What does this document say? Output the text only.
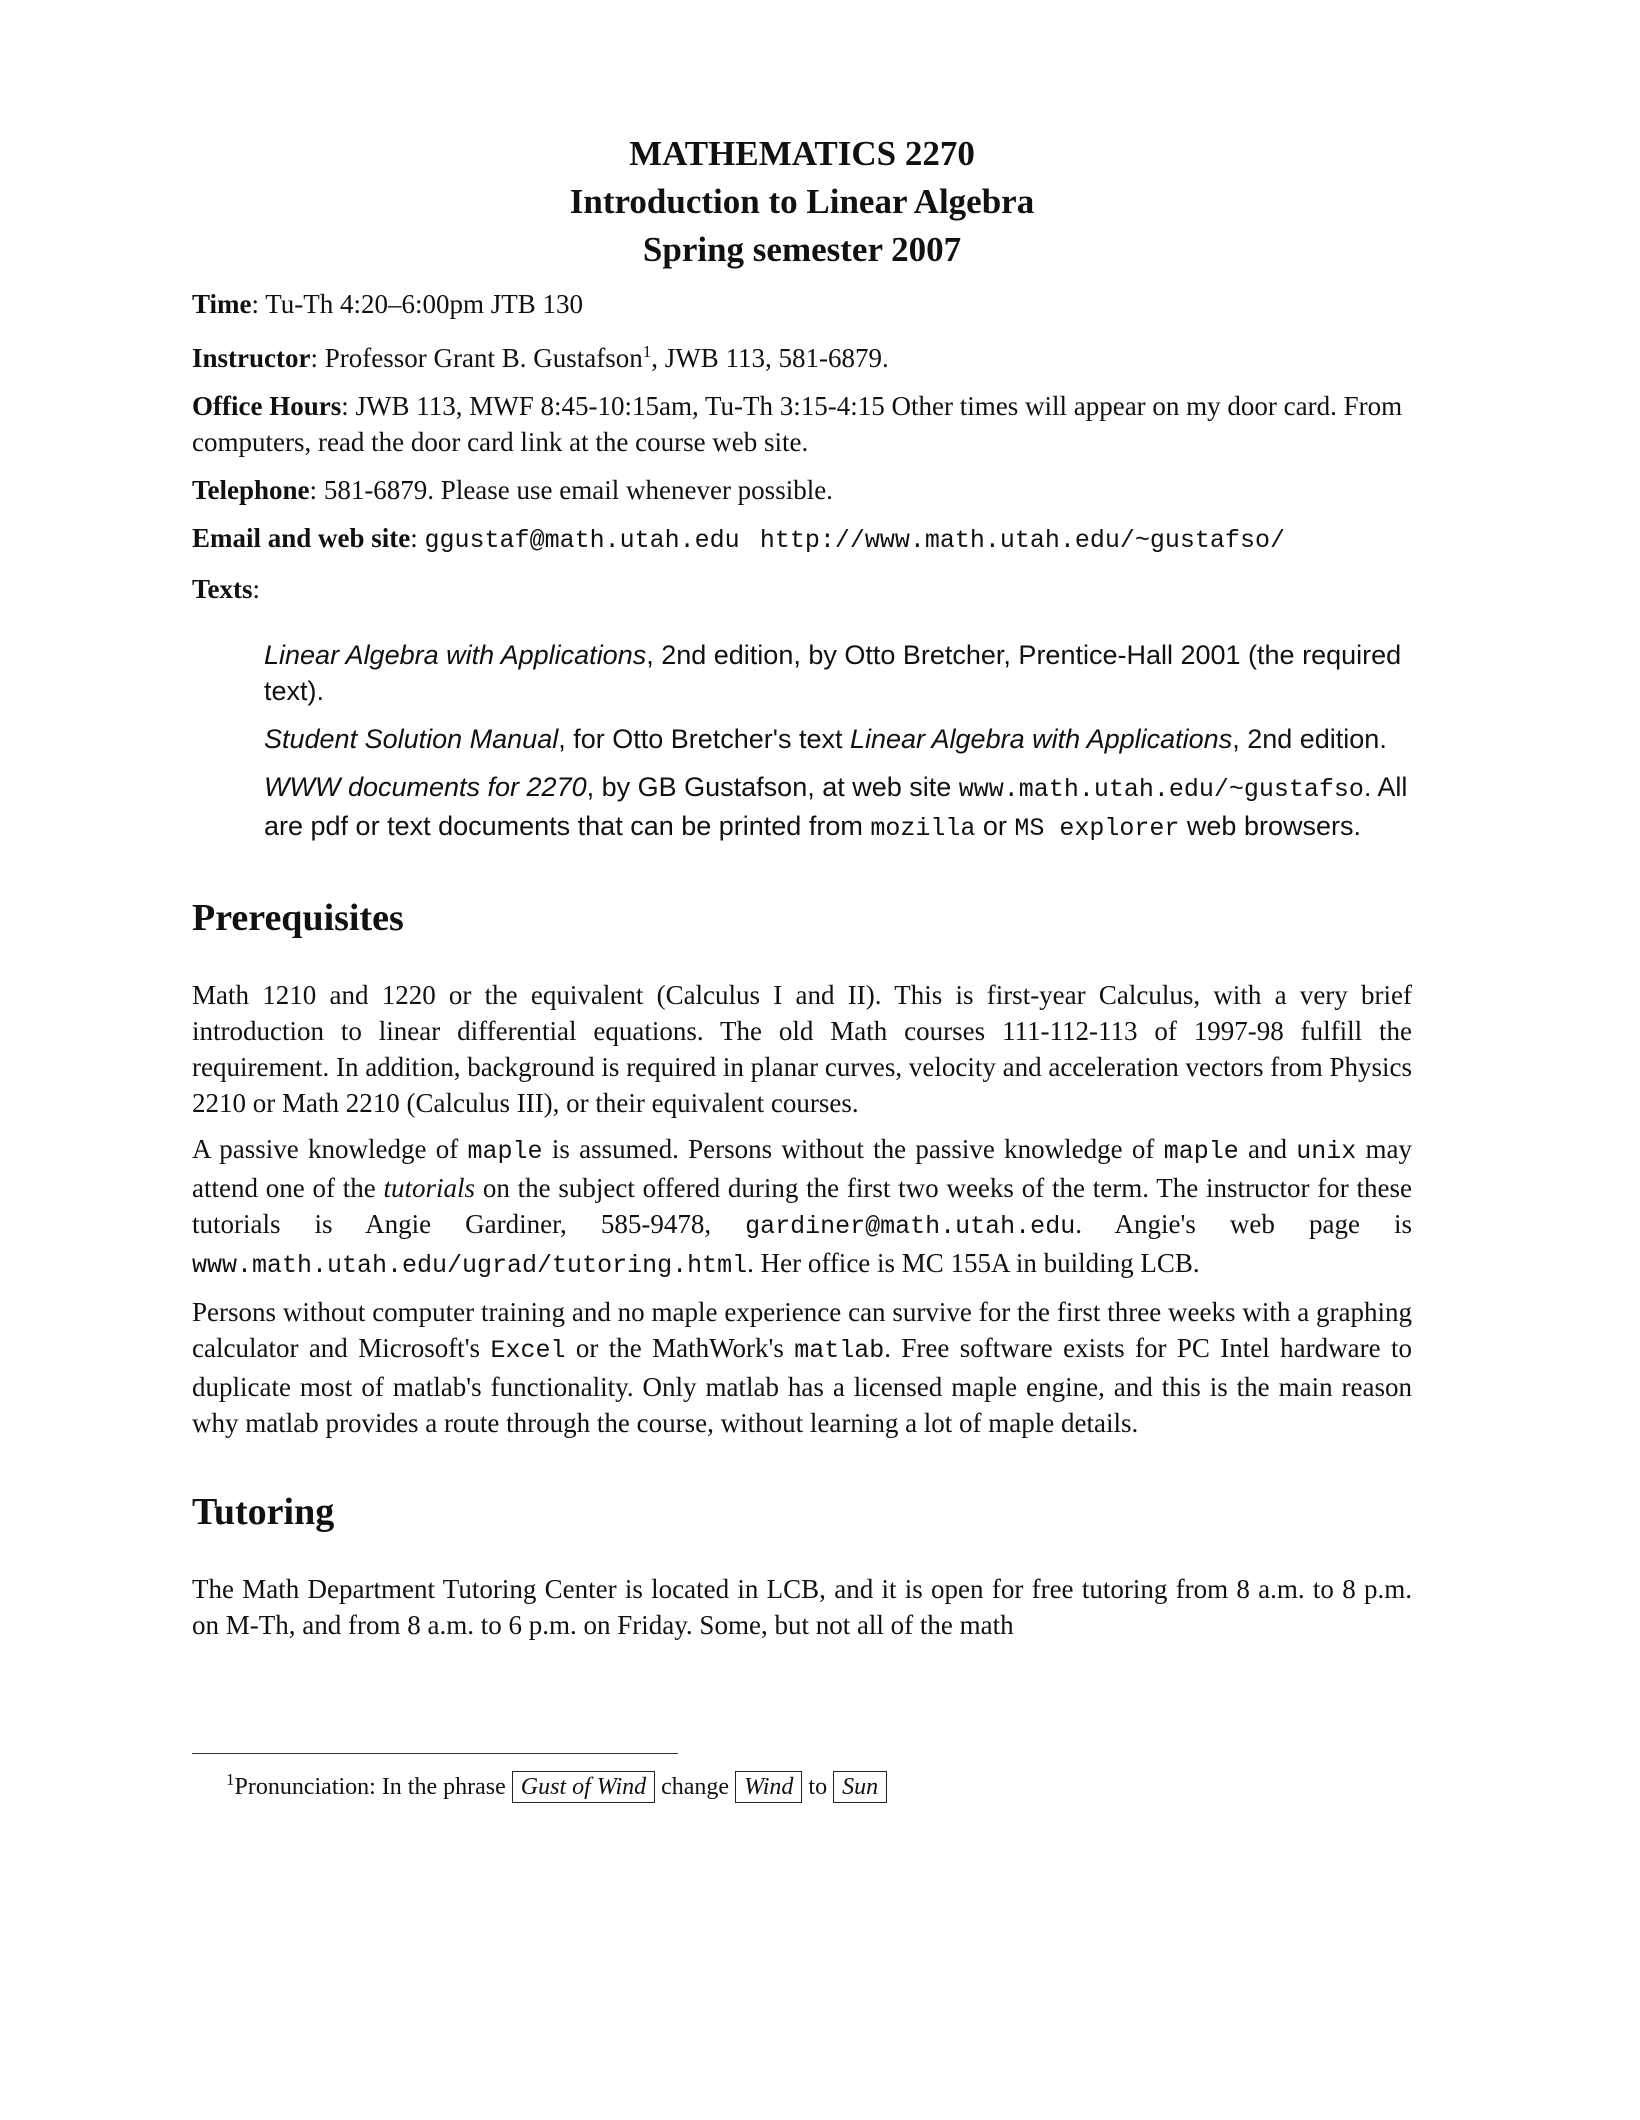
MATHEMATICS 2270
Introduction to Linear Algebra
Spring semester 2007
Time: Tu-Th 4:20–6:00pm JTB 130
Instructor: Professor Grant B. Gustafson$^1$, JWB 113, 581-6879.
Office Hours: JWB 113, MWF 8:45-10:15am, Tu-Th 3:15-4:15 Other times will appear on my door card. From computers, read the door card link at the course web site.
Telephone: 581-6879. Please use email whenever possible.
Email and web site: ggustaf@math.utah.edu http://www.math.utah.edu/~gustafso/
Texts:
Linear Algebra with Applications, 2nd edition, by Otto Bretcher, Prentice-Hall 2001 (the required text).
Student Solution Manual, for Otto Bretcher's text Linear Algebra with Applications, 2nd edition.
WWW documents for 2270, by GB Gustafson, at web site www.math.utah.edu/~gustafso. All are pdf or text documents that can be printed from mozilla or MS explorer web browsers.
Prerequisites

Math 1210 and 1220 or the equivalent (Calculus I and II). This is first-year Calculus, with a very brief introduction to linear differential equations. The old Math courses 111-112-113 of 1997-98 fulfill the requirement. In addition, background is required in planar curves, velocity and acceleration vectors from Physics 2210 or Math 2210 (Calculus III), or their equivalent courses.

A passive knowledge of maple is assumed. Persons without the passive knowledge of maple and unix may attend one of the tutorials on the subject offered during the first two weeks of the term. The instructor for these tutorials is Angie Gardiner, 585-9478, gardiner@math.utah.edu. Angie's web page is www.math.utah.edu/ugrad/tutoring.html. Her office is MC 155A in building LCB.

Persons without computer training and no maple experience can survive for the first three weeks with a graphing calculator and Microsoft's Excel or the MathWork's matlab. Free software exists for PC Intel hardware to duplicate most of matlab's functionality. Only matlab has a licensed maple engine, and this is the main reason why matlab provides a route through the course, without learning a lot of maple details.

Tutoring

The Math Department Tutoring Center is located in LCB, and it is open for free tutoring from 8 a.m. to 8 p.m. on M-Th, and from 8 a.m. to 6 p.m. on Friday. Some, but not all of the math

$^1$Pronunciation: In the phrase Gust of Wind change Wind to Sun
